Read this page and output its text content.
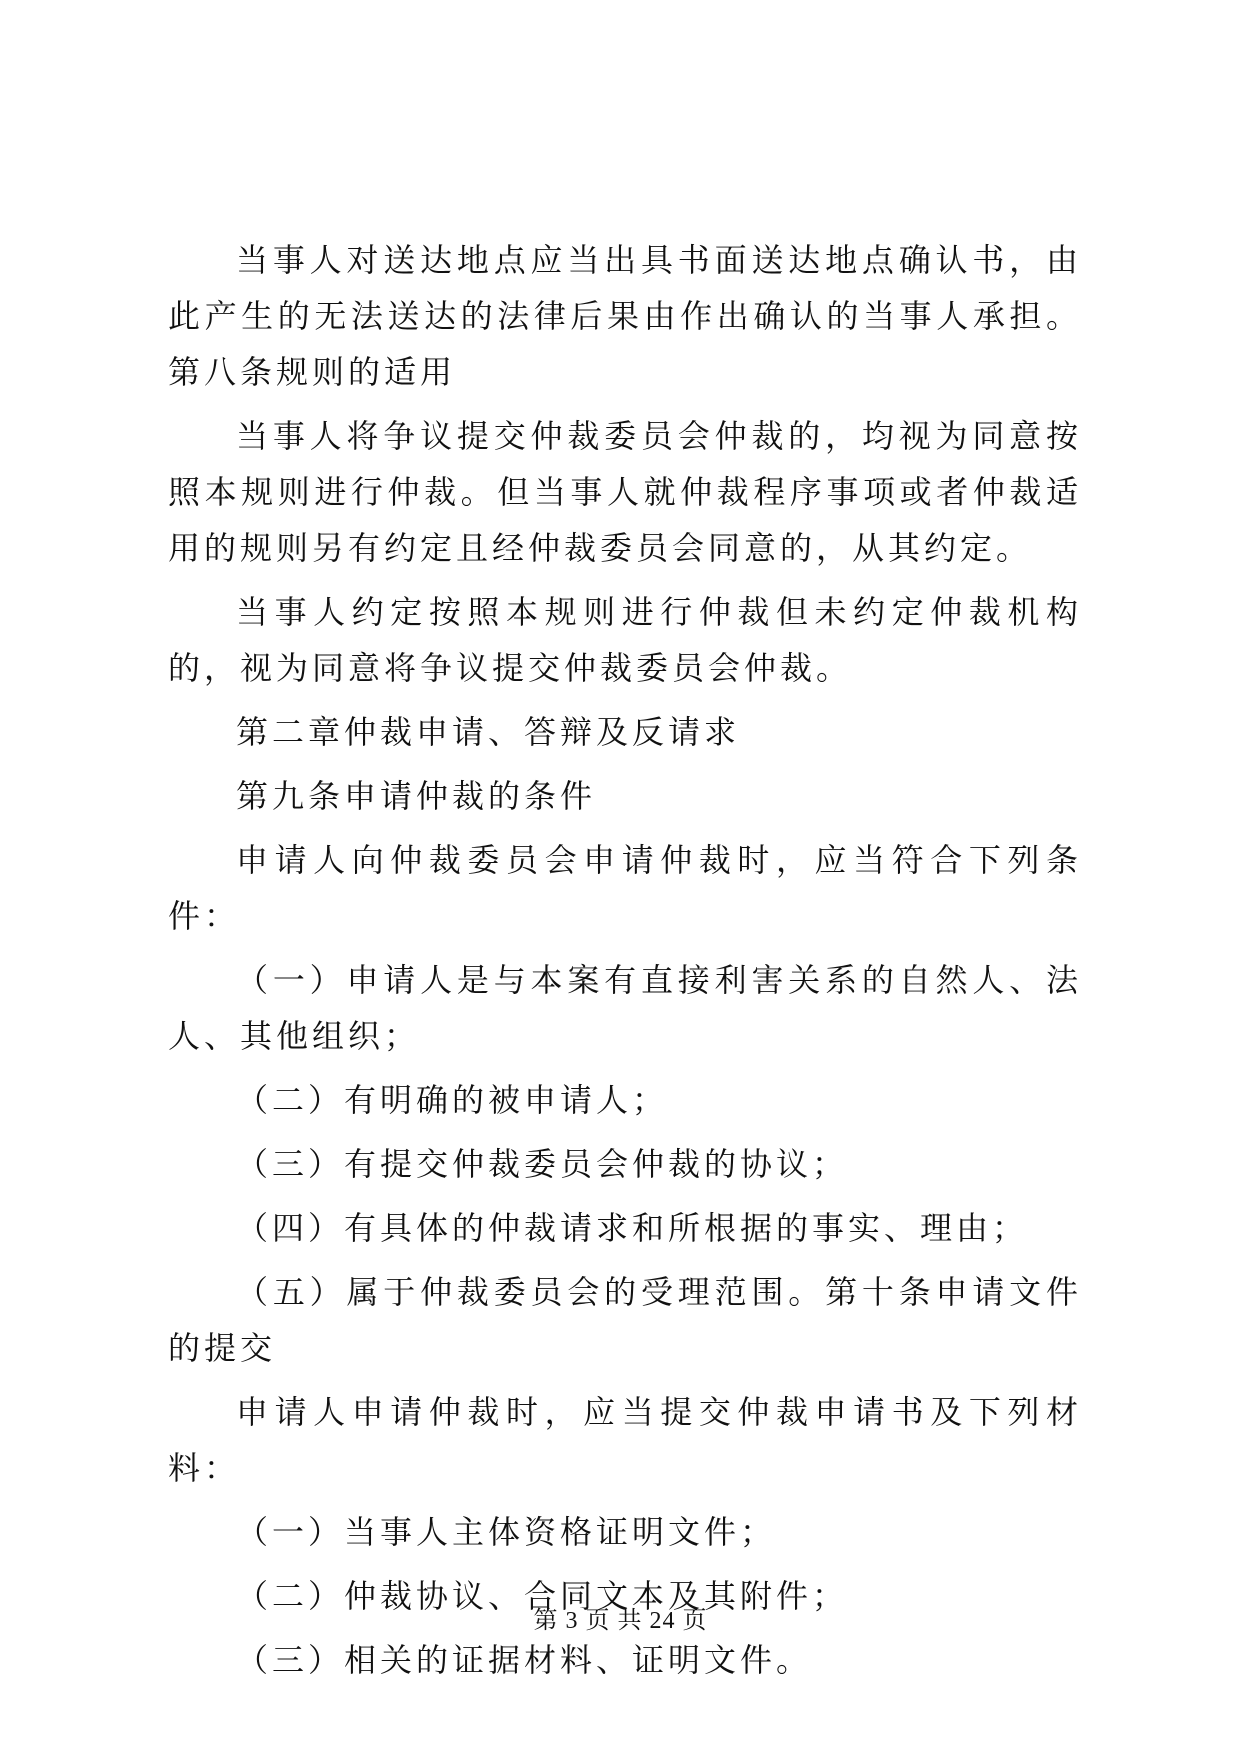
当事人对送达地点应当出具书面送达地点确认书，由此产生的无法送达的法律后果由作出确认的当事人承担。第八条规则的适用

当事人将争议提交仲裁委员会仲裁的，均视为同意按照本规则进行仲裁。但当事人就仲裁程序事项或者仲裁适用的规则另有约定且经仲裁委员会同意的，从其约定。

当事人约定按照本规则进行仲裁但未约定仲裁机构的，视为同意将争议提交仲裁委员会仲裁。

第二章仲裁申请、答辩及反请求

第九条申请仲裁的条件

申请人向仲裁委员会申请仲裁时，应当符合下列条件：

（一）申请人是与本案有直接利害关系的自然人、法人、其他组织；

（二）有明确的被申请人；

（三）有提交仲裁委员会仲裁的协议；

（四）有具体的仲裁请求和所根据的事实、理由；

（五）属于仲裁委员会的受理范围。第十条申请文件的提交

申请人申请仲裁时，应当提交仲裁申请书及下列材料：

（一）当事人主体资格证明文件；

（二）仲裁协议、合同文本及其附件；

（三）相关的证据材料、证明文件。

第 3 页 共 24 页
